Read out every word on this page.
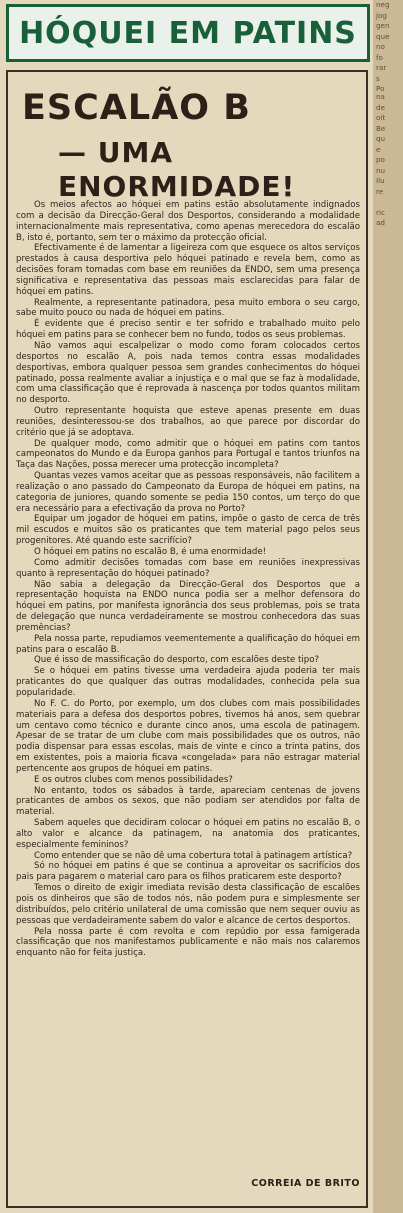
HÓQUEI EM PATINS
ESCALÃO B
— UMA ENORMIDADE!

Os meios afectos ao hóquei em patins estão absolutamente indignados com a decisão da Direcção-Geral dos Desportos, considerando a modalidade internacionalmente mais representativa, como apenas merecedora do escalão B, isto é, portanto, sem ter o máximo da protecção oficial.

Efectivamente é de lamentar a ligeireza com que esquece os altos serviços prestados à causa desportiva pelo hóquei patinado e revela bem, como as decisões foram tomadas com base em reuniões da ENDO, sem uma presença significativa e representativa das pessoas mais esclarecidas para falar de hóquei em patins.

Realmente, a representante patinadora, pesa muito embora o seu cargo, sabe muito pouco ou nada de hóquei em patins.

É evidente que é preciso sentir e ter sofrido e trabalhado muito pelo hóquei em patins para se conhecer bem no fundo, todos os seus problemas.

Não vamos aqui escalpelizar o modo como foram colocados certos desportos no escalão A, pois nada temos contra essas modalidades desportivas, embora qualquer pessoa sem grandes conhecimentos do hóquei patinado, possa realmente avaliar a injustiça e o mal que se faz à modalidade, com uma classificação que é reprovada à nascença por todos quantos militam no desporto.

Outro representante hoquista que esteve apenas presente em duas reuniões, desinteressou-se dos trabalhos, ao que parece por discordar do critério que já se adoptava.

De qualquer modo, como admitir que o hóquei em patins com tantos campeonatos do Mundo e da Europa ganhos para Portugal e tantos triunfos na Taça das Nações, possa merecer uma protecção incompleta?

Quantas vezes vamos aceitar que as pessoas responsáveis, não facilitem a realização o ano passado do Campeonato da Europa de hóquei em patins, na categoria de juniores, quando somente se pedia 150 contos, um terço do que era necessário para a efectivação da prova no Porto?

Equipar um jogador de hóquei em patins, impõe o gasto de cerca de três mil escudos e muitos são os praticantes que tem material pago pelos seus progenitores. Até quando este sacrifício?

O hóquei em patins no escalão B, é uma enormidade!

Como admitir decisões tomadas com base em reuniões inexpressivas quanto à representação do hóquei patinado?

Não sabia a delegação da Direcção-Geral dos Desportos que a representação hoquista na ENDO nunca podia ser a melhor defensora do hóquei em patins, por manifesta ignorância dos seus problemas, pois se trata de delegação que nunca verdadeiramente se mostrou conhecedora das suas premências?

Pela nossa parte, repudiamos veementemente a qualificação do hóquei em patins para o escalão B.

Que é isso de massificação do desporto, com escalões deste tipo?

Se o hóquei em patins tivesse uma verdadeira ajuda poderia ter mais praticantes do que qualquer das outras modalidades, conhecida pela sua popularidade.

No F. C. do Porto, por exemplo, um dos clubes com mais possibilidades materiais para a defesa dos desportos pobres, tivemos há anos, sem quebrar um centavo como técnico e durante cinco anos, uma escola de patinagem. Apesar de se tratar de um clube com mais possibilidades que os outros, não podia dispensar para essas escolas, mais de vinte e cinco a trinta patins, dos em existentes, pois a maioria ficava «congelada» para não estragar material pertencente aos grupos de hóquei em patins.

E os outros clubes com menos possibilidades?

No entanto, todos os sábados à tarde, apareciam centenas de jovens praticantes de ambos os sexos, que não podiam ser atendidos por falta de material.

Sabem aqueles que decidiram colocar o hóquei em patins no escalão B, o alto valor e alcance da patinagem, na anatomia dos praticantes, especialmente femininos?

Como entender que se não dê uma cobertura total à patinagem artística?

Só no hóquei em patins é que se continua a aproveitar os sacrifícios dos pais para pagarem o material caro para os filhos praticarem este desporto?

Temos o direito de exigir imediata revisão desta classificação de escalões pois os dinheiros que são de todos nós, não podem pura e simplesmente ser distribuídos, pelo critério unilateral de uma comissão que nem sequer ouviu as pessoas que verdadeiramente sabem do valor e alcance de certos desportos.

Pela nossa parte é com revolta e com repúdio por essa famigerada classificação que nos manifestamos publicamente e não mais nos calaremos enquanto não for feita justiça.

CORREIA DE BRITO
neg
jog
gen
que
no
fo
rar
s
Po
na
de
oit
Be
qu
e
po
nu
Ilu
re

ric
ad
